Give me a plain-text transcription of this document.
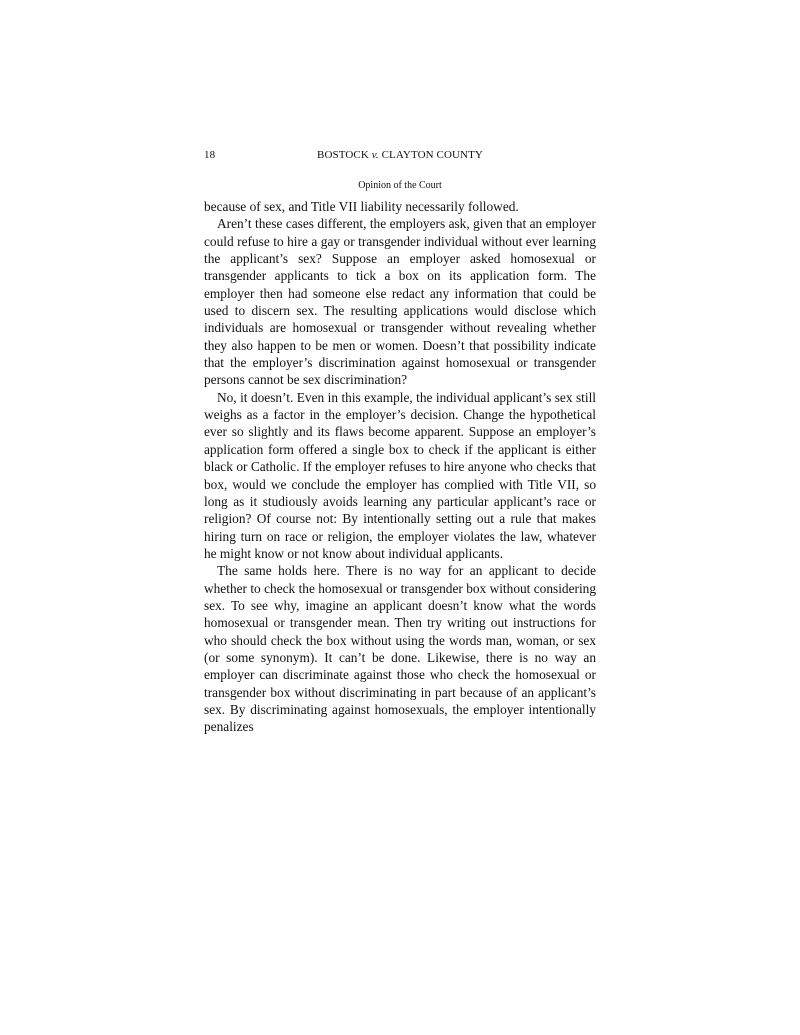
18	BOSTOCK v. CLAYTON COUNTY
Opinion of the Court

because of sex, and Title VII liability necessarily followed.

Aren’t these cases different, the employers ask, given that an employer could refuse to hire a gay or transgender individual without ever learning the applicant’s sex? Suppose an employer asked homosexual or transgender applicants to tick a box on its application form. The employer then had someone else redact any information that could be used to discern sex. The resulting applications would disclose which individuals are homosexual or transgender without revealing whether they also happen to be men or women. Doesn’t that possibility indicate that the employer’s discrimination against homosexual or transgender persons cannot be sex discrimination?

No, it doesn’t. Even in this example, the individual applicant’s sex still weighs as a factor in the employer’s decision. Change the hypothetical ever so slightly and its flaws become apparent. Suppose an employer’s application form offered a single box to check if the applicant is either black or Catholic. If the employer refuses to hire anyone who checks that box, would we conclude the employer has complied with Title VII, so long as it studiously avoids learning any particular applicant’s race or religion? Of course not: By intentionally setting out a rule that makes hiring turn on race or religion, the employer violates the law, whatever he might know or not know about individual applicants.

The same holds here. There is no way for an applicant to decide whether to check the homosexual or transgender box without considering sex. To see why, imagine an applicant doesn’t know what the words homosexual or transgender mean. Then try writing out instructions for who should check the box without using the words man, woman, or sex (or some synonym). It can’t be done. Likewise, there is no way an employer can discriminate against those who check the homosexual or transgender box without discriminating in part because of an applicant’s sex. By discriminating against homosexuals, the employer intentionally penalizes
